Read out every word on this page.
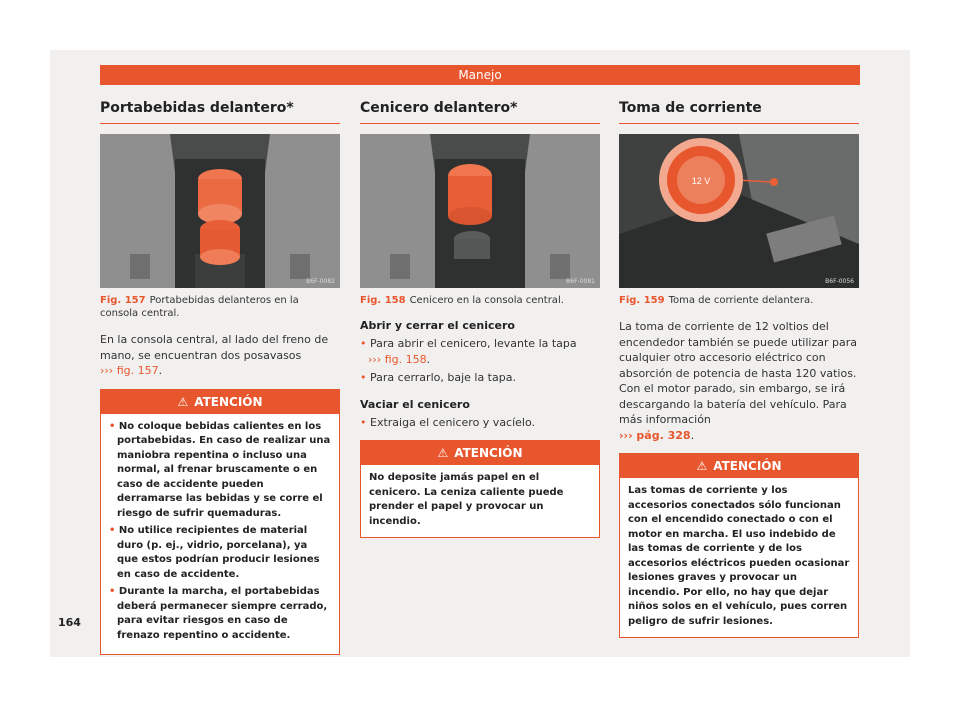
Manejo
Portabebidas delantero*
B6F-0082
Fig. 157 Portabebidas delanteros en la consola central.
En la consola central, al lado del freno de mano, se encuentran dos posavasos
››› fig. 157.
⚠ ATENCIÓN
• No coloque bebidas calientes en los portabebidas. En caso de realizar una maniobra repentina o incluso una normal, al frenar bruscamente o en caso de accidente pueden derramarse las bebidas y se corre el riesgo de sufrir quemaduras.
• No utilice recipientes de material duro (p. ej., vidrio, porcelana), ya que estos podrían producir lesiones en caso de accidente.
• Durante la marcha, el portabebidas deberá permanecer siempre cerrado, para evitar riesgos en caso de frenazo repentino o accidente.
Cenicero delantero*
B6F-0081
Fig. 158 Cenicero en la consola central.
Abrir y cerrar el cenicero
• Para abrir el cenicero, levante la tapa
››› fig. 158.
• Para cerrarlo, baje la tapa.
Vaciar el cenicero
• Extraiga el cenicero y vacíelo.
⚠ ATENCIÓN
No deposite jamás papel en el cenicero. La ceniza caliente puede prender el papel y provocar un incendio.
Toma de corriente
12 V
B6F-0056
Fig. 159 Toma de corriente delantera.
La toma de corriente de 12 voltios del encendedor también se puede utilizar para cualquier otro accesorio eléctrico con absorción de potencia de hasta 120 vatios. Con el motor parado, sin embargo, se irá descargando la batería del vehículo. Para más información
››› pág. 328.
⚠ ATENCIÓN
Las tomas de corriente y los accesorios conectados sólo funcionan con el encendido conectado o con el motor en marcha. El uso indebido de las tomas de corriente y de los accesorios eléctricos pueden ocasionar lesiones graves y provocar un incendio. Por ello, no hay que dejar niños solos en el vehículo, pues corren peligro de sufrir lesiones.
164
